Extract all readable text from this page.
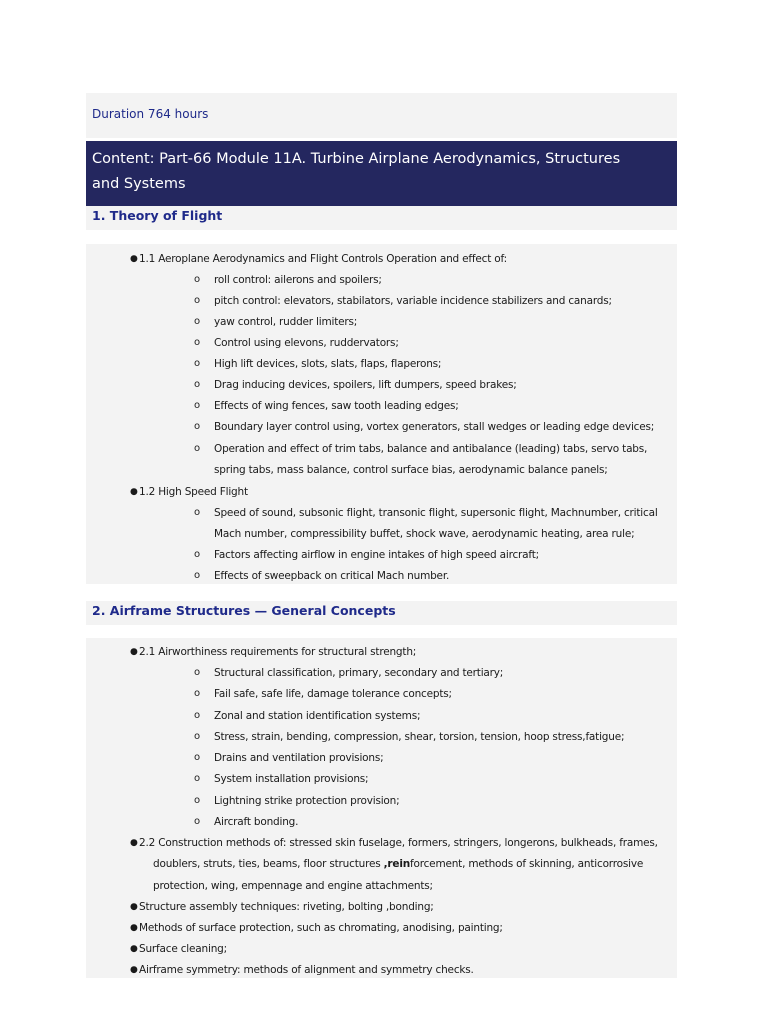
Duration 764 hours
Content: Part-66 Module 11A. Turbine Airplane Aerodynamics, Structures
and Systems
1. Theory of Flight
● 1.1 Aeroplane Aerodynamics and Flight Controls Operation and effect of:
o roll control: ailerons and spoilers;
o pitch control: elevators, stabilators, variable incidence stabilizers and canards;
o yaw control, rudder limiters;
o Control using elevons, ruddervators;
o High lift devices, slots, slats, flaps, flaperons;
o Drag inducing devices, spoilers, lift dumpers, speed brakes;
o Effects of wing fences, saw tooth leading edges;
o Boundary layer control using, vortex generators, stall wedges or leading edge devices;
o Operation and effect of trim tabs, balance and antibalance (leading) tabs, servo tabs,
spring tabs, mass balance, control surface bias, aerodynamic balance panels;
● 1.2 High Speed Flight
o Speed of sound, subsonic flight, transonic flight, supersonic flight, Machnumber, critical
Mach number, compressibility buffet, shock wave, aerodynamic heating, area rule;
o Factors affecting airflow in engine intakes of high speed aircraft;
o Effects of sweepback on critical Mach number.
2. Airframe Structures — General Concepts
● 2.1 Airworthiness requirements for structural strength;
o Structural classification, primary, secondary and tertiary;
o Fail safe, safe life, damage tolerance concepts;
o Zonal and station identification systems;
o Stress, strain, bending, compression, shear, torsion, tension, hoop stress,fatigue;
o Drains and ventilation provisions;
o System installation provisions;
o Lightning strike protection provision;
o Aircraft bonding.
● 2.2 Construction methods of: stressed skin fuselage, formers, stringers, longerons, bulkheads, frames,
doublers, struts, ties, beams, floor structures ,reinforcement, methods of skinning, anticorrosive
protection, wing, empennage and engine attachments;
● Structure assembly techniques: riveting, bolting ,bonding;
● Methods of surface protection, such as chromating, anodising, painting;
● Surface cleaning;
● Airframe symmetry: methods of alignment and symmetry checks.
